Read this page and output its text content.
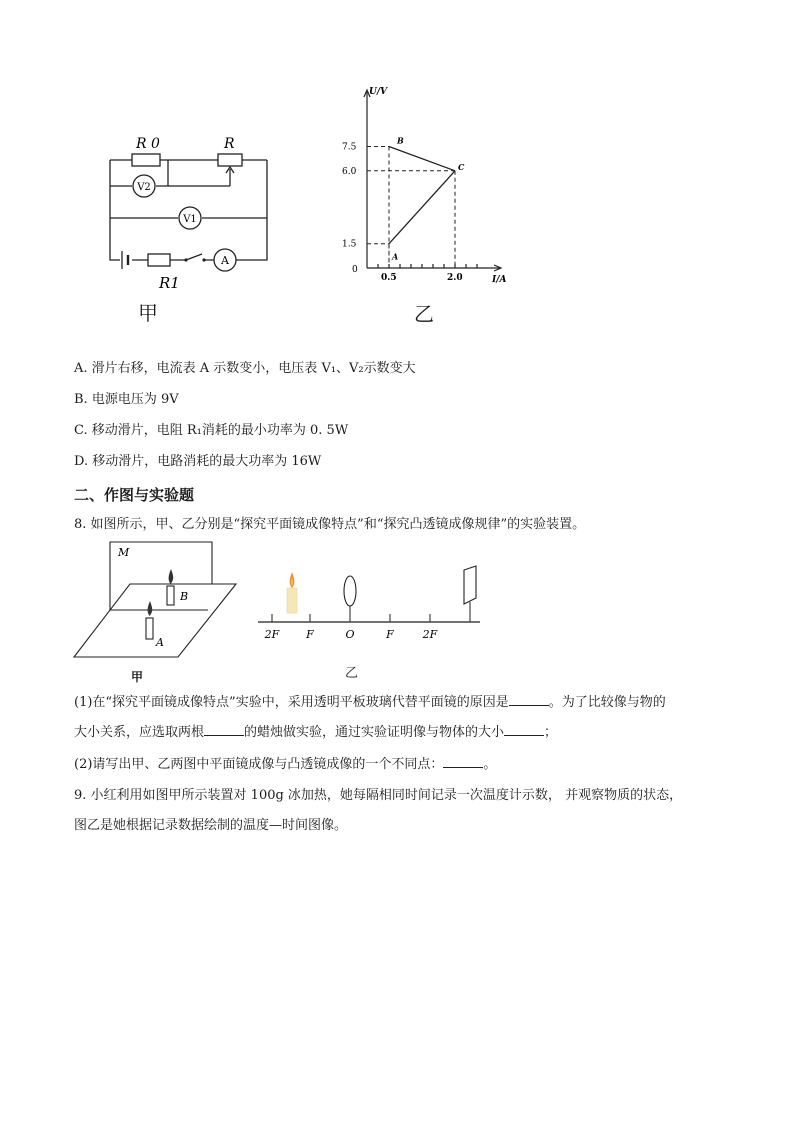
V2
V1
A
R 0	R
R1
甲
U/V
I/A
0
7.5
6.0
1.5
0.5	2.0
A
B
C
乙
A. 滑片右移，电流表 A 示数变小，电压表 V₁、V₂示数变大
B. 电源电压为 9V
C. 移动滑片，电阻 R₁消耗的最小功率为 0. 5W
D. 移动滑片，电路消耗的最大功率为 16W
二、作图与实验题
8. 如图所示，甲、乙分别是“探究平面镜成像特点”和“探究凸透镜成像规律”的实验装置。
M
B
A
甲
2F F	O	F	2F
乙
(1)在“探究平面镜成像特点”实验中，采用透明平板玻璃代替平面镜的原因是	。为了比较像与物的
大小关系，应选取两根	的蜡烛做实验，通过实验证明像与物体的大小	；
(2)请写出甲、乙两图中平面镜成像与凸透镜成像的一个不同点：	。
9. 小红利用如图甲所示装置对 100g 冰加热，她每隔相同时间记录一次温度计示数， 并观察物质的状态，
图乙是她根据记录数据绘制的温度—时间图像。
